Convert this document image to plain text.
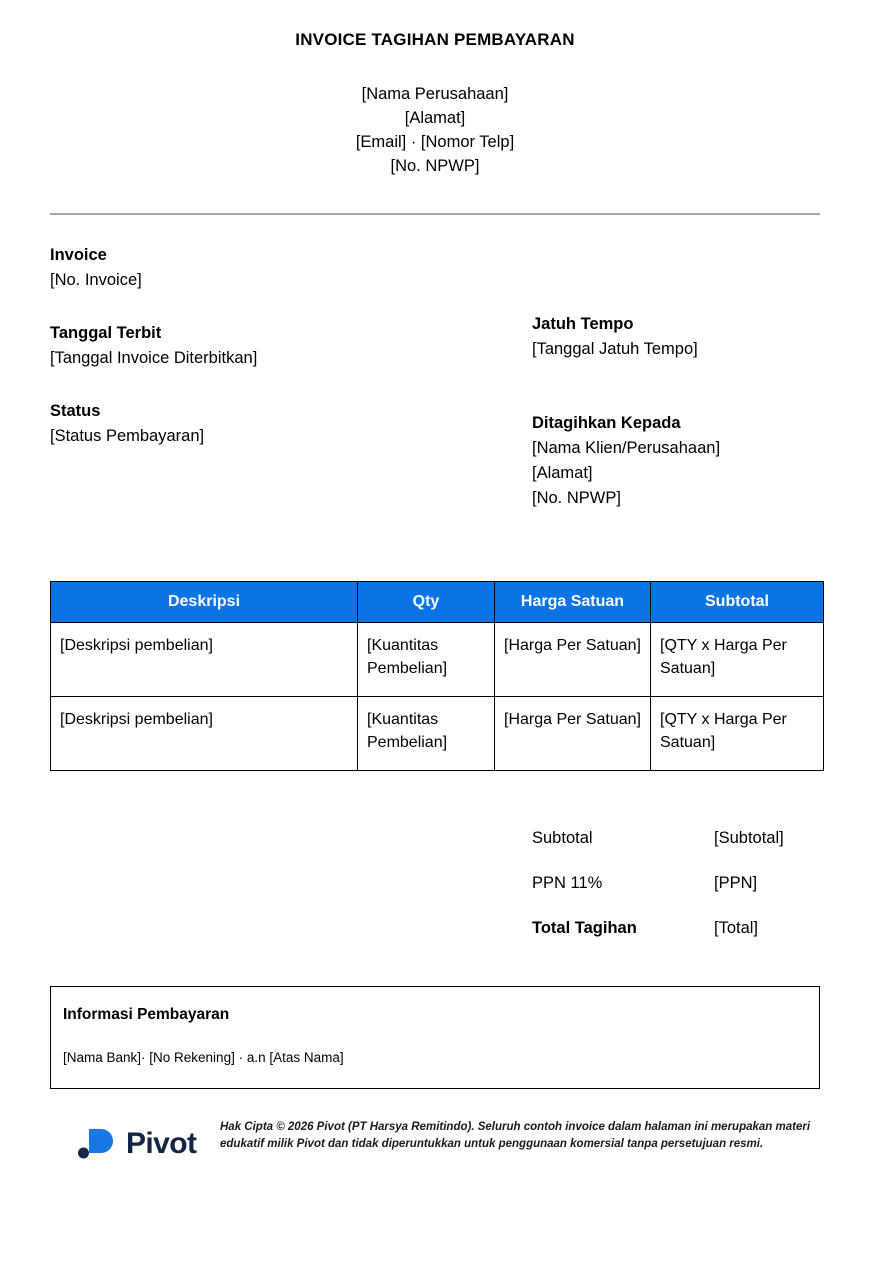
INVOICE TAGIHAN PEMBAYARAN
[Nama Perusahaan]
[Alamat]
[Email] · [Nomor Telp]
[No. NPWP]
Invoice
[No. Invoice]
Tanggal Terbit
[Tanggal Invoice Diterbitkan]
Status
[Status Pembayaran]
Jatuh Tempo
[Tanggal Jatuh Tempo]
Ditagihkan Kepada
[Nama Klien/Perusahaan]
[Alamat]
[No. NPWP]
Deskripsi	Qty	Harga Satuan	Subtotal
[Deskripsi pembelian]	[Kuantitas Pembelian]	[Harga Per Satuan]	[QTY x Harga Per Satuan]
[Deskripsi pembelian]	[Kuantitas Pembelian]	[Harga Per Satuan]	[QTY x Harga Per Satuan]
Subtotal	[Subtotal]
PPN 11%	[PPN]
Total Tagihan	[Total]
Informasi Pembayaran
[Nama Bank]· [No Rekening] · a.n [Atas Nama]
Pivot Hak Cipta © 2026 Pivot (PT Harsya Remitindo). Seluruh contoh invoice dalam halaman ini merupakan materi edukatif milik Pivot dan tidak diperuntukkan untuk penggunaan komersial tanpa persetujuan resmi.
